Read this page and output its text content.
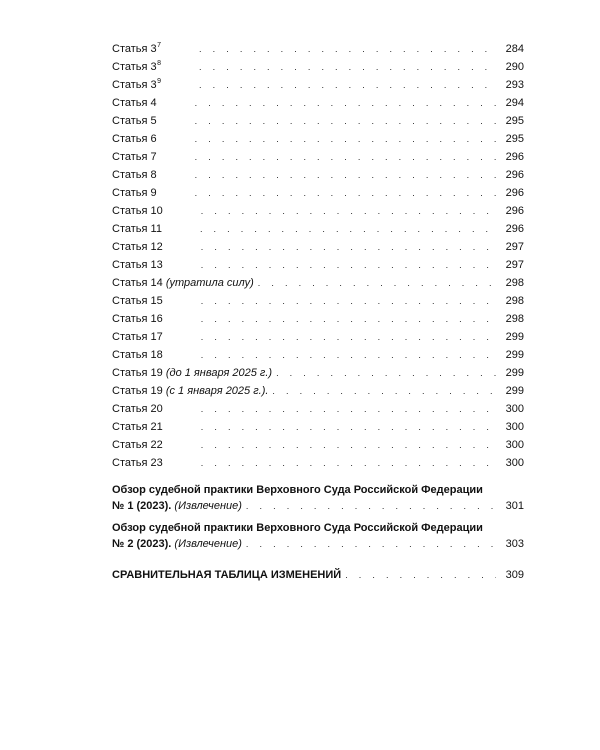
Статья $3^7$ . . .	284
Статья $3^8$ . . .	290
Статья $3^9$ . . .	293
Статья 4 . . .	294
Статья 5 . . .	295
Статья 6 . . .	295
Статья 7 . . .	296
Статья 8 . . .	296
Статья 9 . . .	296
Статья 10 . . .	296
Статья 11 . . .	296
Статья 12 . . .	297
Статья 13 . . .	297
Статья 14 (утратила силу) . . .	298
Статья 15 . . .	298
Статья 16 . . .	298
Статья 17 . . .	299
Статья 18 . . .	299
Статья 19 (до 1 января 2025 г.) . . .	299
Статья 19 (с 1 января 2025 г.). . . .	299
Статья 20 . . .	300
Статья 21 . . .	300
Статья 22 . . .	300
Статья 23 . . .	300
Обзор судебной практики Верховного Суда Российской Федерации
№ 1 (2023). (Извлечение) . . .	301
Обзор судебной практики Верховного Суда Российской Федерации
№ 2 (2023). (Извлечение) . . .	303
СРАВНИТЕЛЬНАЯ ТАБЛИЦА ИЗМЕНЕНИЙ . . .	309
